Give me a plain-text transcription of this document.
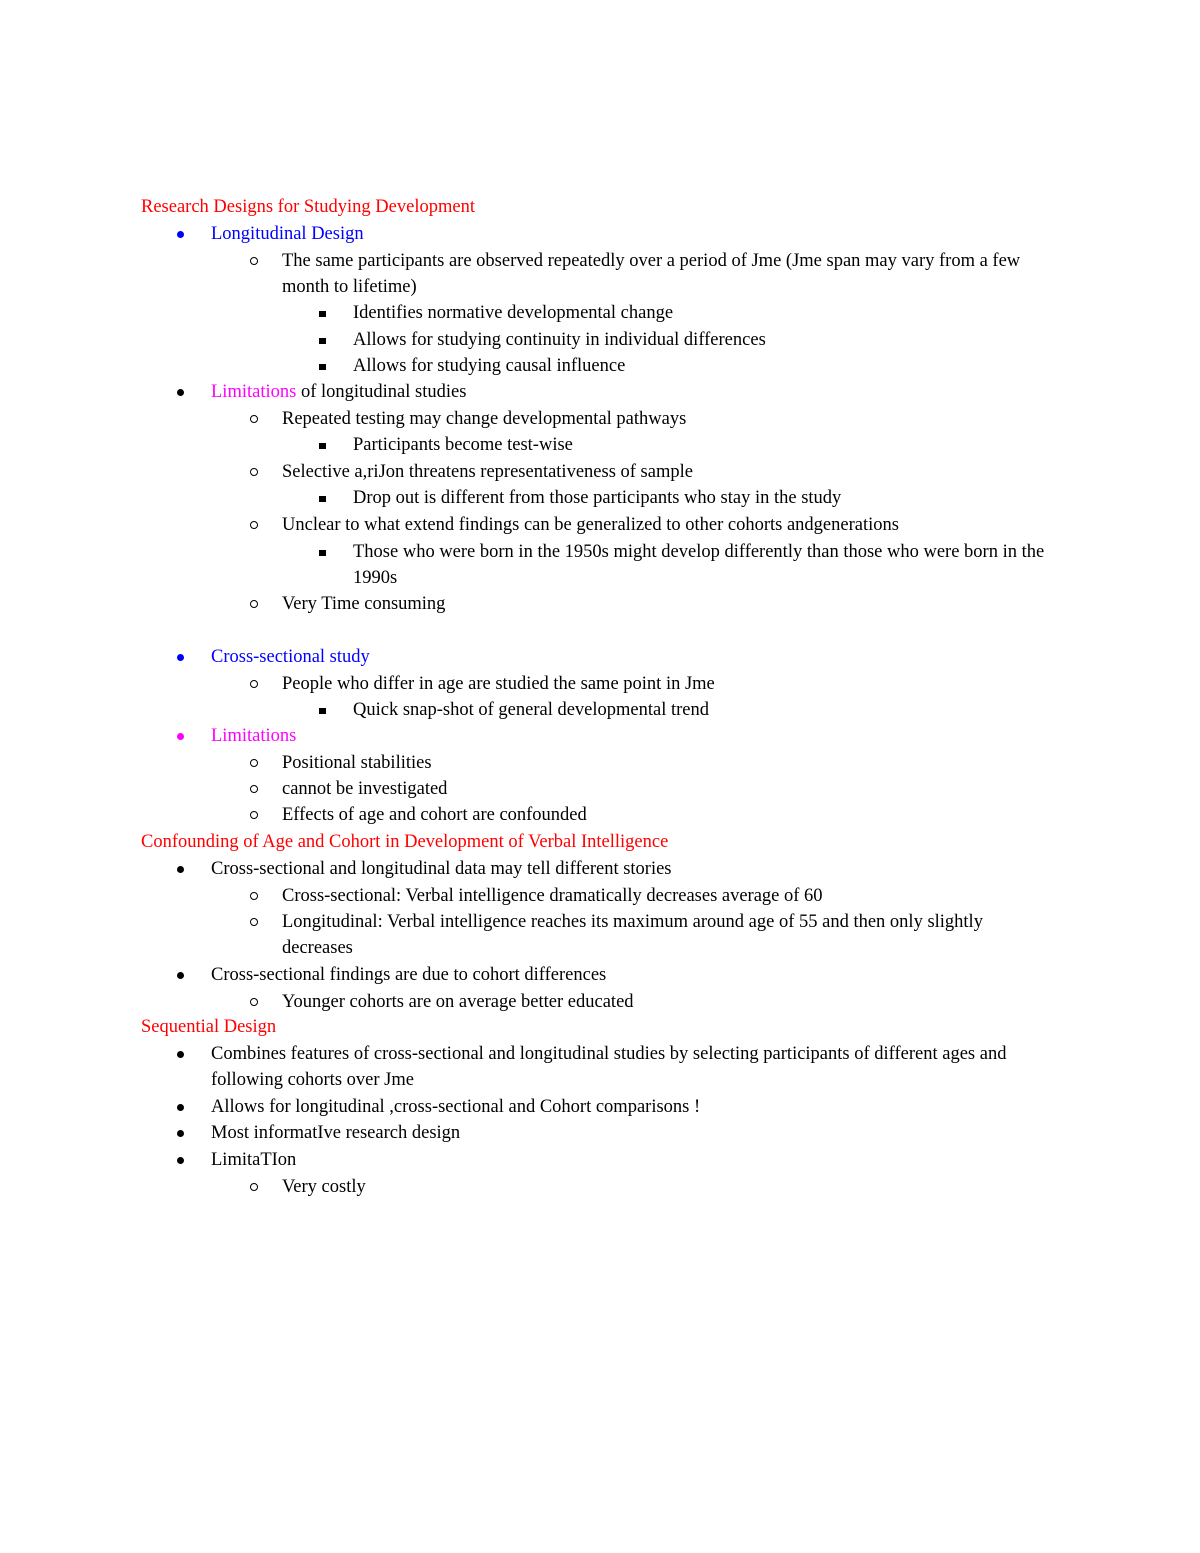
Research Designs for Studying Development
Longitudinal Design
The same participants are observed repeatedly over a period of Jme (Jme span may vary from a few month to lifetime)
Identifies normative developmental change
Allows for studying continuity in individual differences
Allows for studying causal influence
Limitations of longitudinal studies
Repeated testing may change developmental pathways
Participants become test-wise
Selective a,riJon threatens representativeness of sample
Drop out is different from those participants who stay in the study
Unclear to what extend findings can be generalized to other cohorts andgenerations
Those who were born in the 1950s might develop differently than those who were born in the 1990s
Very Time consuming
Cross-sectional study
People who differ in age are studied the same point in Jme
Quick snap-shot of general developmental trend
Limitations
Positional stabilities
cannot be investigated
Effects of age and cohort are confounded
Confounding of Age and Cohort in Development of Verbal Intelligence
Cross-sectional and longitudinal data may tell different stories
Cross-sectional: Verbal intelligence dramatically decreases average of 60
Longitudinal: Verbal intelligence reaches its maximum around age of 55 and then only slightly decreases
Cross-sectional findings are due to cohort differences
Younger cohorts are on average better educated
Sequential Design
Combines features of cross-sectional and longitudinal studies by selecting participants of different ages and following cohorts over Jme
Allows for longitudinal ,cross-sectional and Cohort comparisons !
Most informatIve research design
LimitaTIon
Very costly
